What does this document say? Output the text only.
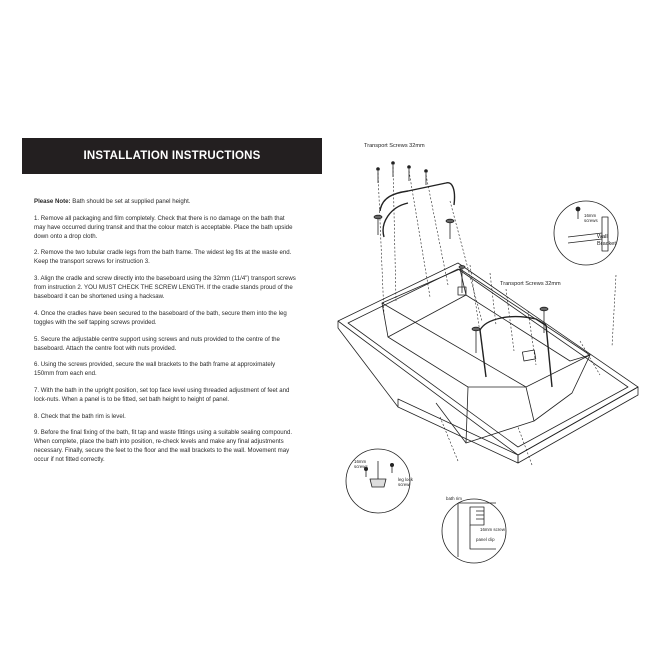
INSTALLATION INSTRUCTIONS

Please Note: Bath should be set at supplied panel height.

1. Remove all packaging and film completely. Check that there is no damage on the bath that may have occurred during transit and that the colour match is acceptable. Place the bath upside down onto a drop cloth.

2. Remove the two tubular cradle legs from the bath frame. The widest leg fits at the waste end. Keep the transport screws for instruction 3.

3. Align the cradle and screw directly into the baseboard using the 32mm (11/4") transport screws from instruction 2. YOU MUST CHECK THE SCREW LENGTH. If the cradle stands proud of the baseboard it can be shortened using a hacksaw.

4. Once the cradles have been secured to the baseboard of the bath, secure them into the leg toggles with the self tapping screws provided.

5. Secure the adjustable centre support using screws and nuts provided to the centre of the baseboard. Attach the centre foot with nuts provided.

6. Using the screws provided, secure the wall brackets to the bath frame at approximately 150mm from each end.

7. With the bath in the upright position, set top face level using threaded adjustment of feet and lock-nuts. When a panel is to be fitted, set bath height to height of panel.

8. Check that the bath rim is level.

9. Before the final fixing of the bath, fit tap and waste fittings using a suitable sealing compound. When complete, place the bath into position, re-check levels and make any final adjustments necessary. Finally, secure the feet to the floor and the wall brackets to the wall. Movement may occur if not fitted correctly.

Transport Screws 32mm
Transport Screws 32mm
16mm
screws
Wall
Bracket
16mm
screws
leg lock
screw
bath rim
16mm screw
panel clip
